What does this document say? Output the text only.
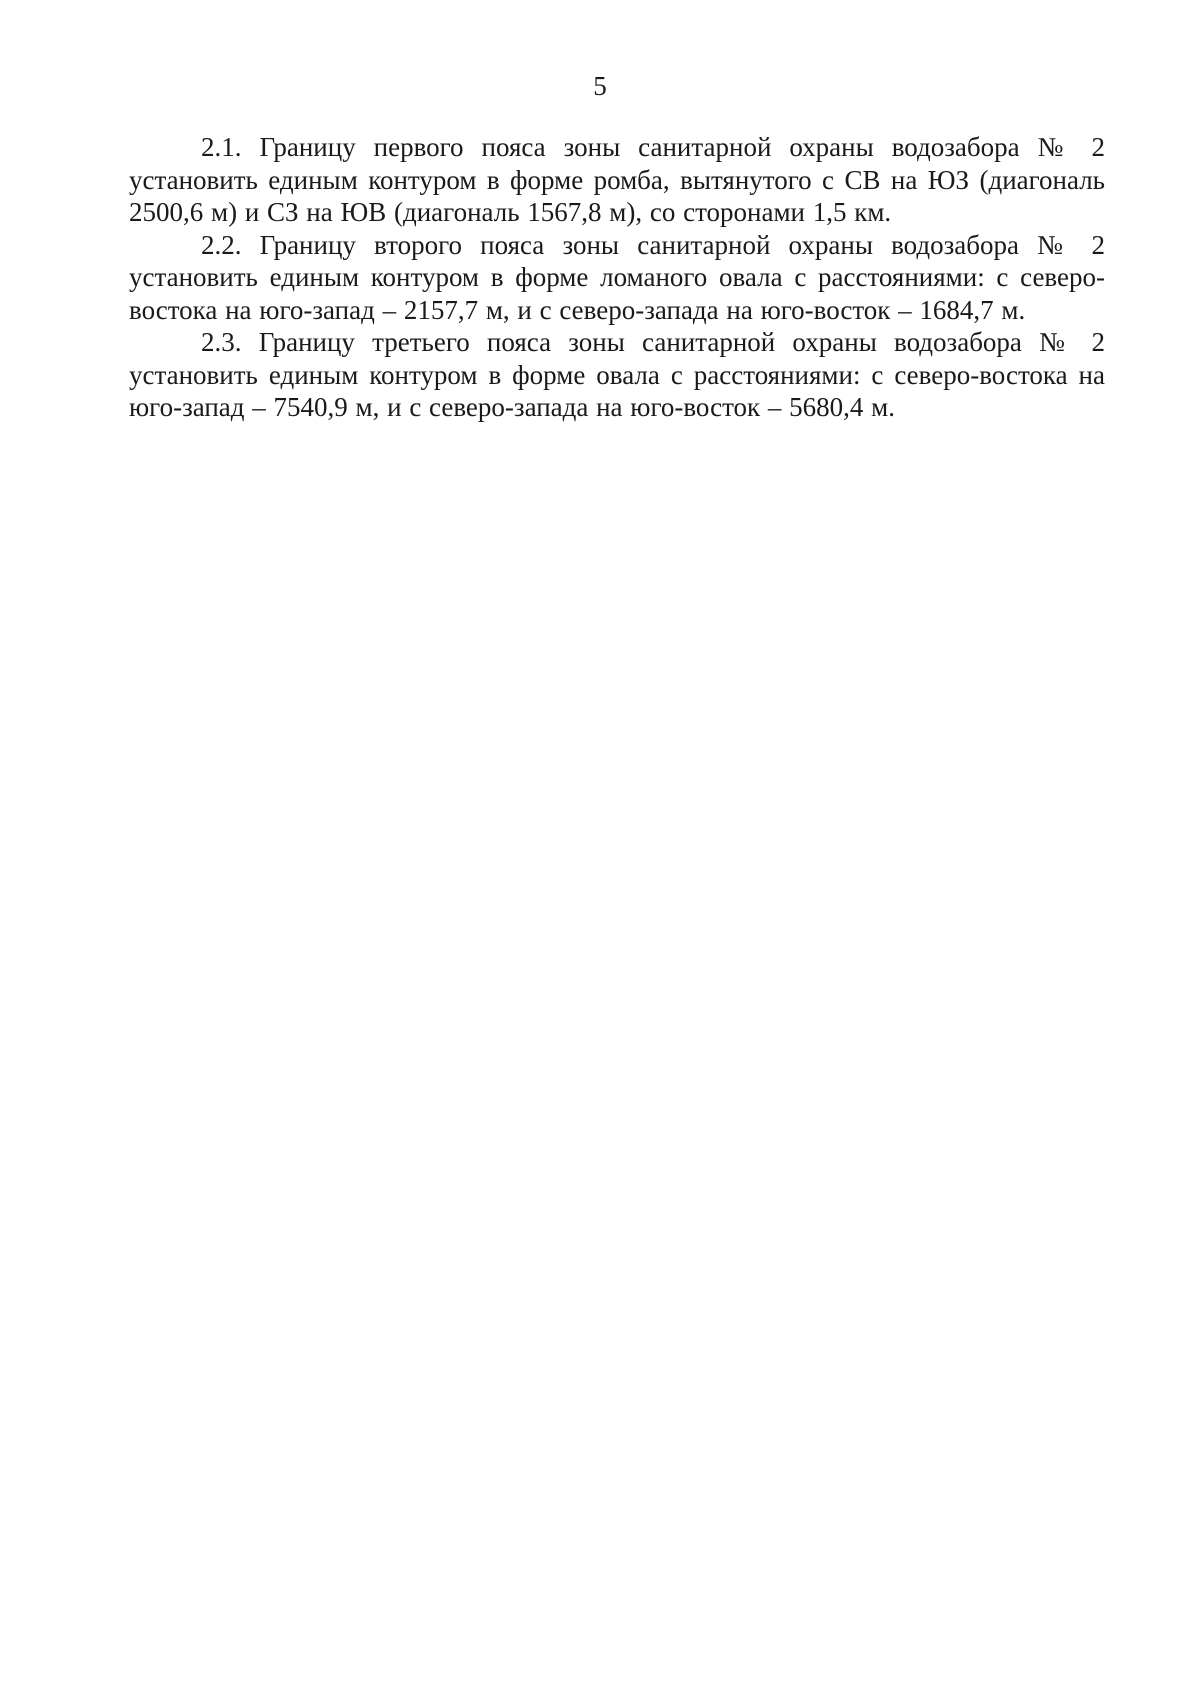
5

2.1. Границу первого пояса зоны санитарной охраны водозабора № 2 установить единым контуром в форме ромба, вытянутого с СВ на ЮЗ (диагональ 2500,6 м) и СЗ на ЮВ (диагональ 1567,8 м), со сторонами 1,5 км.

2.2. Границу второго пояса зоны санитарной охраны водозабора № 2 установить единым контуром в форме ломаного овала с расстояниями: с северо-востока на юго-запад – 2157,7 м, и с северо-запада на юго-восток – 1684,7 м.

2.3. Границу третьего пояса зоны санитарной охраны водозабора № 2 установить единым контуром в форме овала с расстояниями: с северо-востока на юго-запад – 7540,9 м, и с северо-запада на юго-восток – 5680,4 м.
